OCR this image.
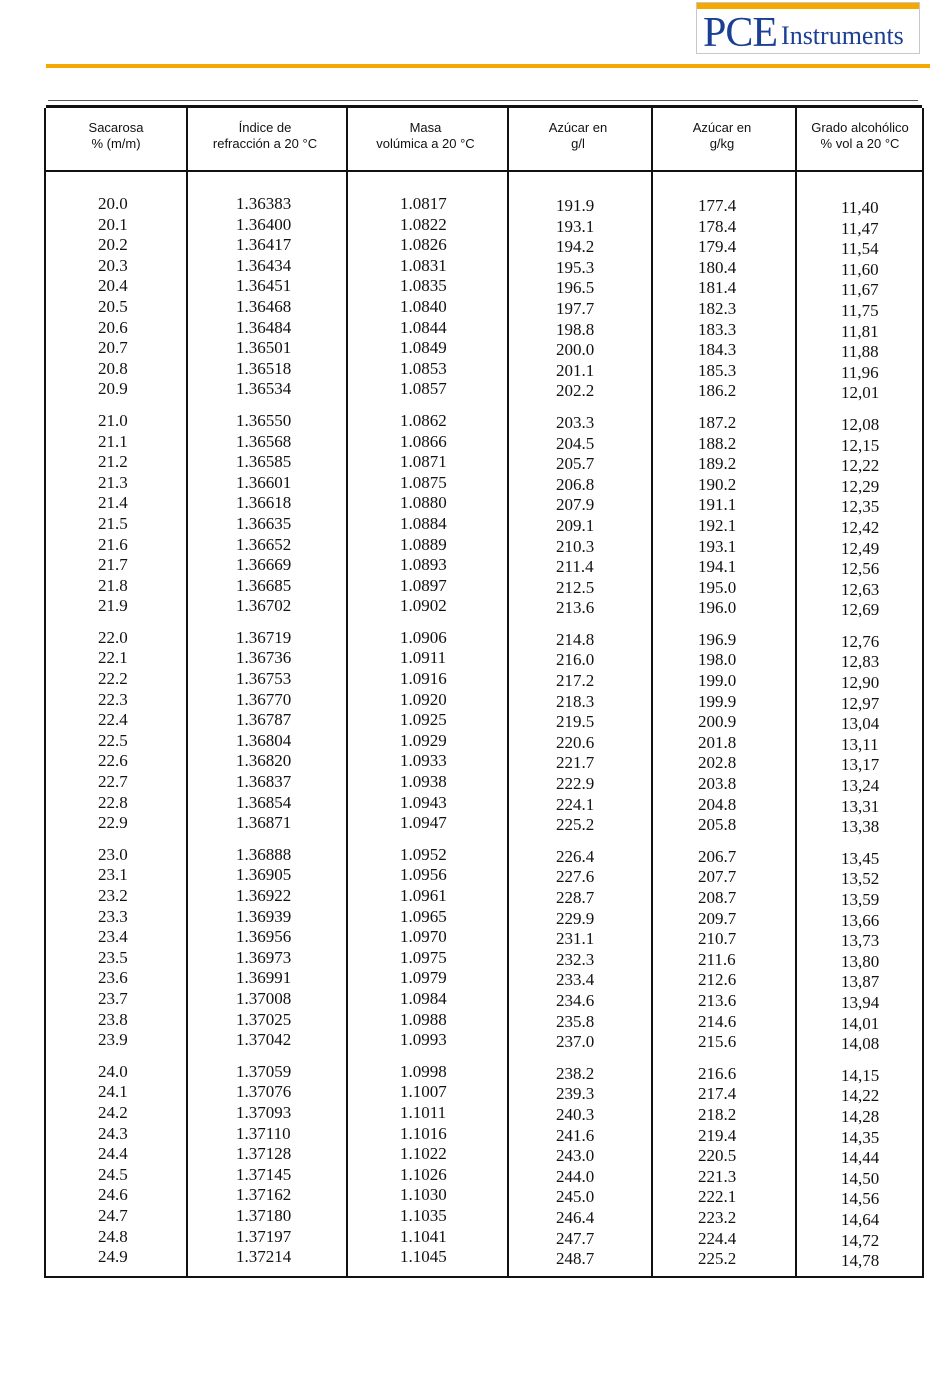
PCE Instruments
Sacarosa
% (m/m)
Índice de
refracción a 20 °C
Masa
volúmica a 20 °C
Azúcar en
g/l
Azúcar en
g/kg
Grado alcohólico
% vol a 20 °C
20.0
20.1
20.2
20.3
20.4
20.5
20.6
20.7
20.8
20.9
21.0
21.1
21.2
21.3
21.4
21.5
21.6
21.7
21.8
21.9
22.0
22.1
22.2
22.3
22.4
22.5
22.6
22.7
22.8
22.9
23.0
23.1
23.2
23.3
23.4
23.5
23.6
23.7
23.8
23.9
24.0
24.1
24.2
24.3
24.4
24.5
24.6
24.7
24.8
24.9
1.36383
1.36400
1.36417
1.36434
1.36451
1.36468
1.36484
1.36501
1.36518
1.36534
1.36550
1.36568
1.36585
1.36601
1.36618
1.36635
1.36652
1.36669
1.36685
1.36702
1.36719
1.36736
1.36753
1.36770
1.36787
1.36804
1.36820
1.36837
1.36854
1.36871
1.36888
1.36905
1.36922
1.36939
1.36956
1.36973
1.36991
1.37008
1.37025
1.37042
1.37059
1.37076
1.37093
1.37110
1.37128
1.37145
1.37162
1.37180
1.37197
1.37214
1.0817
1.0822
1.0826
1.0831
1.0835
1.0840
1.0844
1.0849
1.0853
1.0857
1.0862
1.0866
1.0871
1.0875
1.0880
1.0884
1.0889
1.0893
1.0897
1.0902
1.0906
1.0911
1.0916
1.0920
1.0925
1.0929
1.0933
1.0938
1.0943
1.0947
1.0952
1.0956
1.0961
1.0965
1.0970
1.0975
1.0979
1.0984
1.0988
1.0993
1.0998
1.1007
1.1011
1.1016
1.1022
1.1026
1.1030
1.1035
1.1041
1.1045
191.9
193.1
194.2
195.3
196.5
197.7
198.8
200.0
201.1
202.2
203.3
204.5
205.7
206.8
207.9
209.1
210.3
211.4
212.5
213.6
214.8
216.0
217.2
218.3
219.5
220.6
221.7
222.9
224.1
225.2
226.4
227.6
228.7
229.9
231.1
232.3
233.4
234.6
235.8
237.0
238.2
239.3
240.3
241.6
243.0
244.0
245.0
246.4
247.7
248.7
177.4
178.4
179.4
180.4
181.4
182.3
183.3
184.3
185.3
186.2
187.2
188.2
189.2
190.2
191.1
192.1
193.1
194.1
195.0
196.0
196.9
198.0
199.0
199.9
200.9
201.8
202.8
203.8
204.8
205.8
206.7
207.7
208.7
209.7
210.7
211.6
212.6
213.6
214.6
215.6
216.6
217.4
218.2
219.4
220.5
221.3
222.1
223.2
224.4
225.2
11,40
11,47
11,54
11,60
11,67
11,75
11,81
11,88
11,96
12,01
12,08
12,15
12,22
12,29
12,35
12,42
12,49
12,56
12,63
12,69
12,76
12,83
12,90
12,97
13,04
13,11
13,17
13,24
13,31
13,38
13,45
13,52
13,59
13,66
13,73
13,80
13,87
13,94
14,01
14,08
14,15
14,22
14,28
14,35
14,44
14,50
14,56
14,64
14,72
14,78
